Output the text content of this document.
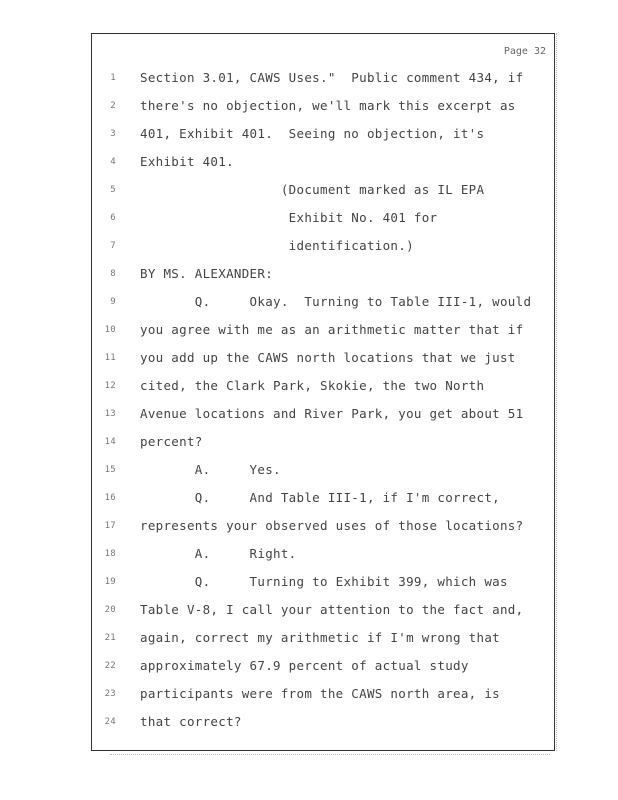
Page 32
1 Section 3.01, CAWS Uses."  Public comment 434, if
2 there's no objection, we'll mark this excerpt as
3 401, Exhibit 401.  Seeing no objection, it's
4 Exhibit 401.
5 (Document marked as IL EPA
6 Exhibit No. 401 for
7 identification.)
8 BY MS. ALEXANDER:
9 Q.     Okay.  Turning to Table III-1, would
10 you agree with me as an arithmetic matter that if
11 you add up the CAWS north locations that we just
12 cited, the Clark Park, Skokie, the two North
13 Avenue locations and River Park, you get about 51
14 percent?
15 A.     Yes.
16 Q.     And Table III-1, if I'm correct,
17 represents your observed uses of those locations?
18 A.     Right.
19 Q.     Turning to Exhibit 399, which was
20 Table V-8, I call your attention to the fact and,
21 again, correct my arithmetic if I'm wrong that
22 approximately 67.9 percent of actual study
23 participants were from the CAWS north area, is
24 that correct?
